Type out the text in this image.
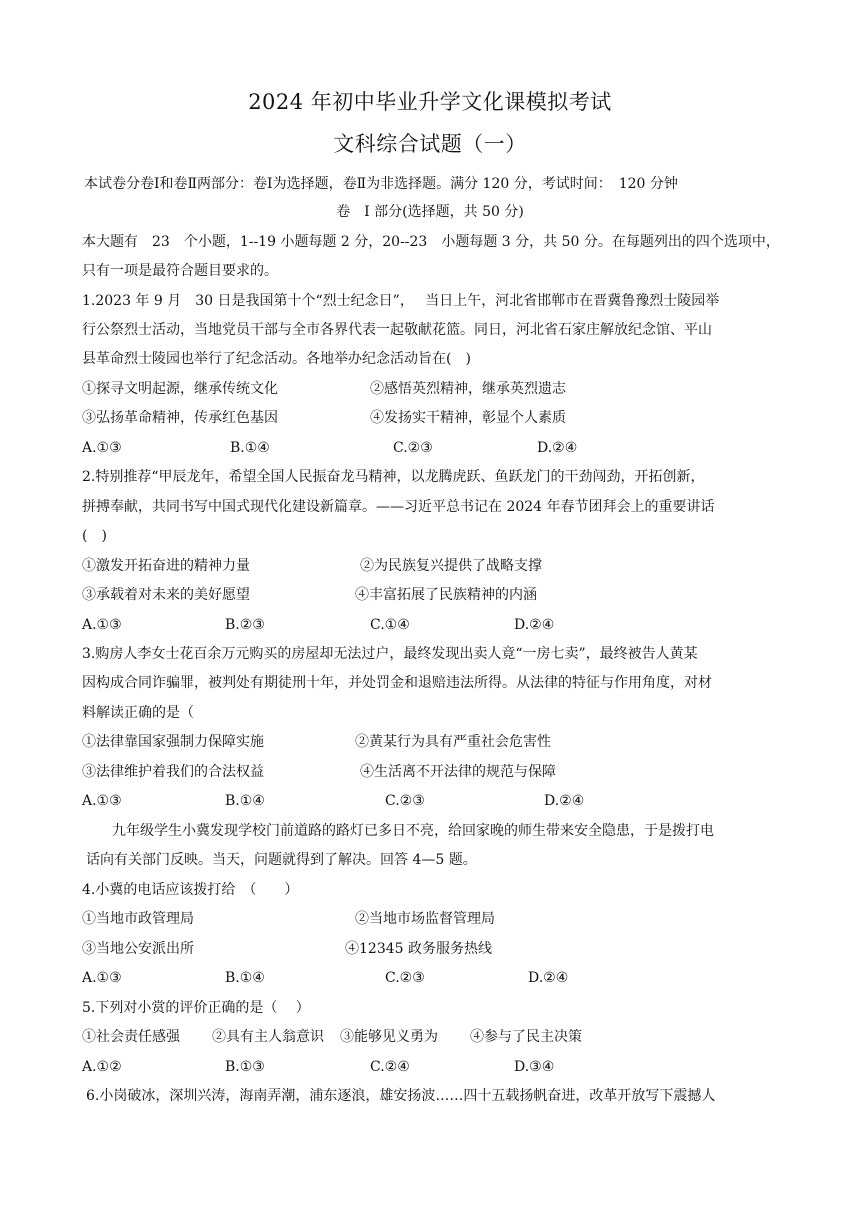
2024 年初中毕业升学文化课模拟考试
文科综合试题（一）
本试卷分卷Ⅰ和卷Ⅱ两部分：卷Ⅰ为选择题，卷Ⅱ为非选择题。满分 120 分，考试时间：　120 分钟
卷　Ⅰ 部分(选择题，共 50 分)
本大题有　23　个小题，1--19 小题每题 2 分，20--23　小题每题 3 分，共 50 分。在每题列出的四个选项中，
只有一项是最符合题目要求的。
1.2023 年 9 月　30 日是我国第十个“烈士纪念日”，　 当日上午，河北省邯郸市在晋冀鲁豫烈士陵园举
行公祭烈士活动，当地党员干部与全市各界代表一起敬献花篮。同日，河北省石家庄解放纪念馆、平山
县革命烈士陵园也举行了纪念活动。各地举办纪念活动旨在(　)
①探寻文明起源，继承传统文化	②感悟英烈精神，继承英烈遗志
③弘扬革命精神，传承红色基因	④发扬实干精神，彰显个人素质
A.①③	B.①④	C.②③	D.②④
2.特别推荐“甲辰龙年，希望全国人民振奋龙马精神，以龙腾虎跃、鱼跃龙门的干劲闯劲，开拓创新，
拼搏奉献，共同书写中国式现代化建设新篇章。——习近平总书记在 2024 年春节团拜会上的重要讲话
(　)
①激发开拓奋进的精神力量	②为民族复兴提供了战略支撑
③承载着对未来的美好愿望	④丰富拓展了民族精神的内涵
A.①③	B.②③	C.①④	D.②④
3.购房人李女士花百余万元购买的房屋却无法过户，最终发现出卖人竟“一房七卖”，最终被告人黄某
因构成合同诈骗罪，被判处有期徒刑十年，并处罚金和退赔违法所得。从法律的特征与作用角度，对材
料解读正确的是（
①法律靠国家强制力保障实施	②黄某行为具有严重社会危害性
③法律维护着我们的合法权益	④生活离不开法律的规范与保障
A.①③	B.①④	C.②③	D.②④
九年级学生小冀发现学校门前道路的路灯已多日不亮，给回家晚的师生带来安全隐患，于是拨打电
话向有关部门反映。当天，问题就得到了解决。回答 4—5 题。
4.小冀的电话应该拨打给　（　　）
①当地市政管理局	②当地市场监督管理局
③当地公安派出所	④12345 政务服务热线
A.①③	B.①④	C.②③	D.②④
5.下列对小赏的评价正确的是（　 ）
①社会责任感强 ②具有主人翁意识 ③能够见义勇为 ④参与了民主决策
A.①②	B.①③	C.②④	D.③④
6.小岗破冰，深圳兴涛，海南弄潮，浦东逐浪，雄安扬波……四十五载扬帆奋进，改革开放写下震撼人
